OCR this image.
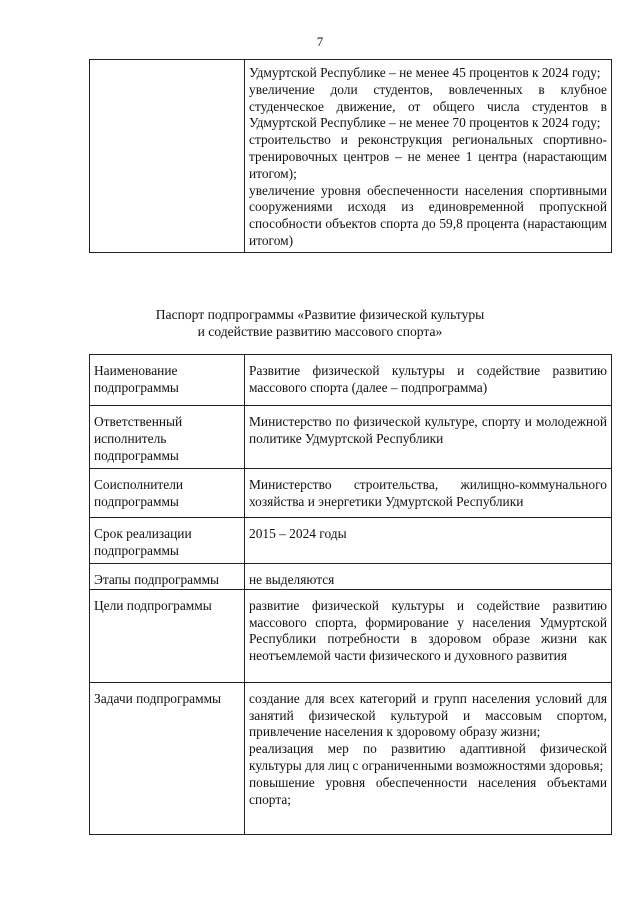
7

Удмуртской Республике – не менее 45 процентов к 2024 году;
увеличение доли студентов, вовлеченных в клубное студенческое движение, от общего числа студентов в Удмуртской Республике – не менее 70 процентов к 2024 году;
строительство и реконструкция региональных спортивно-тренировочных центров – не менее 1 центра (нарастающим итогом);
увеличение уровня обеспеченности населения спортивными сооружениями исходя из единовременной пропускной способности объектов спорта до 59,8 процента (нарастающим итогом)
Паспорт подпрограммы «Развитие физической культуры
и содействие развитию массового спорта»
Наименование подпрограммы	Развитие физической культуры и содействие развитию массового спорта (далее – подпрограмма)
Ответственный исполнитель подпрограммы	Министерство по физической культуре, спорту и молодежной политике Удмуртской Республики
Соисполнители подпрограммы	Министерство строительства, жилищно-коммунального хозяйства и энергетики Удмуртской Республики
Срок реализации подпрограммы	2015 – 2024 годы
Этапы подпрограммы	не выделяются
Цели подпрограммы	развитие физической культуры и содействие развитию массового спорта, формирование у населения Удмуртской Республики потребности в здоровом образе жизни как неотъемлемой части физического и духовного развития
Задачи подпрограммы	создание для всех категорий и групп населения условий для занятий физической культурой и массовым спортом, привлечение населения к здоровому образу жизни;
реализация мер по развитию адаптивной физической культуры для лиц с ограниченными возможностями здоровья;
повышение уровня обеспеченности населения объектами спорта;
